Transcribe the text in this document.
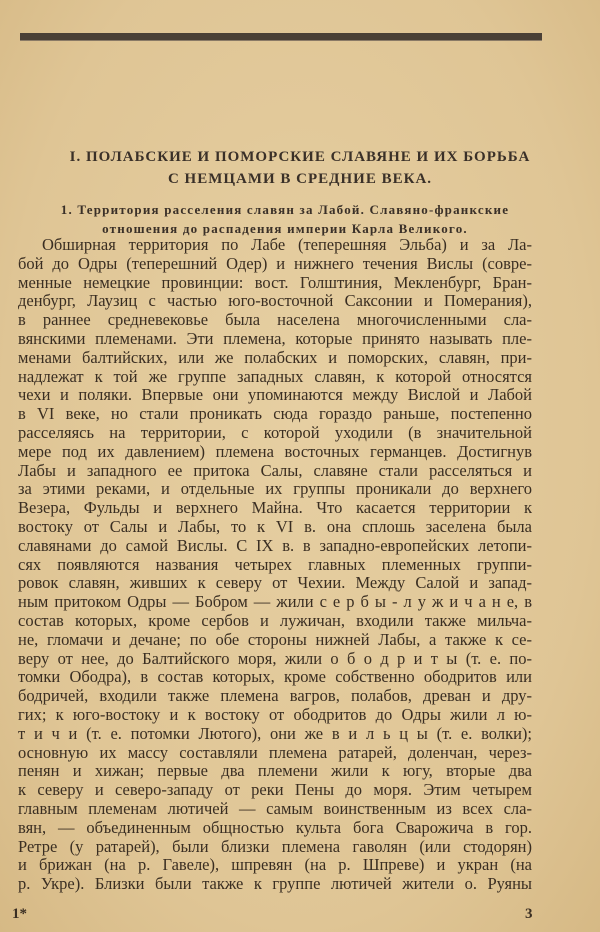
I. ПОЛАБСКИЕ И ПОМОРСКИЕ СЛАВЯНЕ И ИХ БОРЬБА
С НЕМЦАМИ В СРЕДНИЕ ВЕКА.
1. Территория расселения славян за Лабой. Славяно-франкские
отношения до распадения империи Карла Великого.
Обширная территория по Лабе (теперешняя Эльба) и за Ла-
бой до Одры (теперешний Одер) и нижнего течения Вислы (совре-
менные немецкие провинции: вост. Голштиния, Мекленбург, Бран-
денбург, Лаузиц с частью юго-восточной Саксонии и Померания),
в раннее средневековье была населена многочисленными сла-
вянскими племенами. Эти племена, которые принято называть пле-
менами балтийских, или же полабских и поморских, славян, при-
надлежат к той же группе западных славян, к которой относятся
чехи и поляки. Впервые они упоминаются между Вислой и Лабой
в VI веке, но стали проникать сюда гораздо раньше, постепенно
расселяясь на территории, с которой уходили (в значительной
мере под их давлением) племена восточных германцев. Достигнув
Лабы и западного ее притока Салы, славяне стали расселяться и
за этими реками, и отдельные их группы проникали до верхнего
Везера, Фульды и верхнего Майна. Что касается территории к
востоку от Салы и Лабы, то к VI в. она сплошь заселена была
славянами до самой Вислы. С IX в. в западно-европейских летопи-
сях появляются названия четырех главных племенных группи-
ровок славян, живших к северу от Чехии. Между Салой и запад-
ным притоком Одры — Бобром — жили с е р б ы - л у ж и ч а н е, в
состав которых, кроме сербов и лужичан, входили также мильча-
не, гломачи и дечане; по обе стороны нижней Лабы, а также к се-
веру от нее, до Балтийского моря, жили о б о д р и т ы (т. е. по-
томки Ободра), в состав которых, кроме собственно ободритов или
бодричей, входили также племена вагров, полабов, древан и дру-
гих; к юго-востоку и к востоку от ободритов до Одры жили л ю-
т и ч и (т. е. потомки Лютого), они же в и л ь ц ы (т. е. волки);
основную их массу составляли племена ратарей, доленчан, через-
пенян и хижан; первые два племени жили к югу, вторые два
к северу и северо-западу от реки Пены до моря. Этим четырем
главным племенам лютичей — самым воинственным из всех сла-
вян, — объединенным общностью культа бога Сварожича в гор.
Ретре (у ратарей), были близки племена гаволян (или стодорян)
и брижан (на р. Гавеле), шпревян (на р. Шпреве) и укран (на
р. Укре). Близки были также к группе лютичей жители о. Руяны
1*	3
